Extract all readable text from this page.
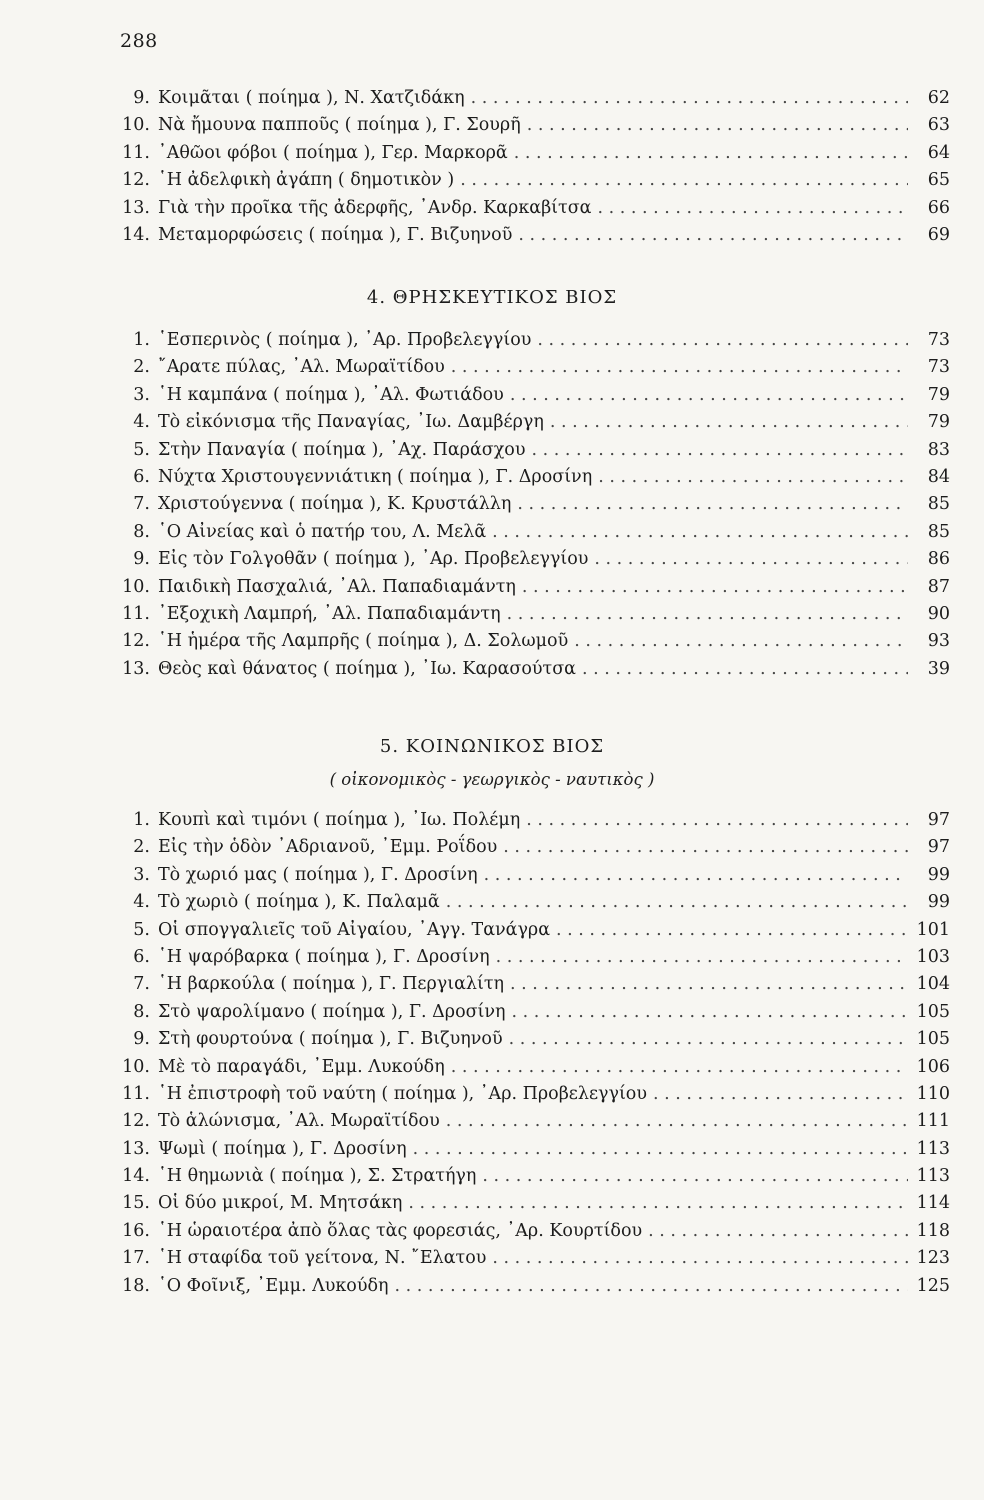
288
9. Κοιμᾶται ( ποίημα ), Ν. Χατζιδάκη . . .	62
10. Νὰ ἤμουνα παπποῦς ( ποίημα ), Γ. Σουρῆ . . .	63
11. ᾿Αθῶοι φόβοι ( ποίημα ), Γερ. Μαρκορᾶ . . .	64
12. ῾Η ἀδελφικὴ ἀγάπη ( δημοτικὸν ) . . .	65
13. Γιὰ τὴν προῖκα τῆς ἀδερφῆς, ᾿Ανδρ. Καρκαβίτσα . . .	66
14. Μεταμορφώσεις ( ποίημα ), Γ. Βιζυηνοῦ . . .	69
4. ΘΡΗΣΚΕΥΤΙΚΟΣ ΒΙΟΣ
1. ῾Εσπερινὸς ( ποίημα ), ᾿Αρ. Προβελεγγίου . . .	73
2. ῎Αρατε πύλας, ᾿Αλ. Μωραϊτίδου . . .	73
3. ῾Η καμπάνα ( ποίημα ), ᾿Αλ. Φωτιάδου . . .	79
4. Τὸ εἰκόνισμα τῆς Παναγίας, ᾿Ιω. Δαμβέργη . . .	79
5. Στὴν Παναγία ( ποίημα ), ᾿Αχ. Παράσχου . . .	83
6. Νύχτα Χριστουγεννιάτικη ( ποίημα ), Γ. Δροσίνη . . .	84
7. Χριστούγεννα ( ποίημα ), Κ. Κρυστάλλη . . .	85
8. ῾Ο Αἰνείας καὶ ὁ πατήρ του, Λ. Μελᾶ . . .	85
9. Εἰς τὸν Γολγοθᾶν ( ποίημα ), ᾿Αρ. Προβελεγγίου . . .	86
10. Παιδικὴ Πασχαλιά, ᾿Αλ. Παπαδιαμάντη . . .	87
11. ᾿Εξοχικὴ Λαμπρή, ᾿Αλ. Παπαδιαμάντη . . .	90
12. ῾Η ἡμέρα τῆς Λαμπρῆς ( ποίημα ), Δ. Σολωμοῦ . . .	93
13. Θεὸς καὶ θάνατος ( ποίημα ), ᾿Ιω. Καρασούτσα . . .	39
5. ΚΟΙΝΩΝΙΚΟΣ ΒΙΟΣ
( οἰκονομικὸς - γεωργικὸς - ναυτικὸς )
1. Κουπὶ καὶ τιμόνι ( ποίημα ), ᾿Ιω. Πολέμη . . .	97
2. Εἰς τὴν ὁδὸν ᾿Αδριανοῦ, ᾿Εμμ. Ροΐδου . . .	97
3. Τὸ χωριό μας ( ποίημα ), Γ. Δροσίνη . . .	99
4. Τὸ χωριὸ ( ποίημα ), Κ. Παλαμᾶ . . .	99
5. Οἱ σπογγαλιεῖς τοῦ Αἰγαίου, ᾿Αγγ. Τανάγρα . . .	101
6. ῾Η ψαρόβαρκα ( ποίημα ), Γ. Δροσίνη . . .	103
7. ῾Η βαρκούλα ( ποίημα ), Γ. Περγιαλίτη . . .	104
8. Στὸ ψαρολίμανο ( ποίημα ), Γ. Δροσίνη . . .	105
9. Στὴ φουρτούνα ( ποίημα ), Γ. Βιζυηνοῦ . . .	105
10. Μὲ τὸ παραγάδι, ᾿Εμμ. Λυκούδη . . .	106
11. ῾Η ἐπιστροφὴ τοῦ ναύτη ( ποίημα ), ᾿Αρ. Προβελεγγίου . . .	110
12. Τὸ ἁλώνισμα, ᾿Αλ. Μωραϊτίδου . . .	111
13. Ψωμὶ ( ποίημα ), Γ. Δροσίνη . . .	113
14. ῾Η θημωνιὰ ( ποίημα ), Σ. Στρατήγη . . .	113
15. Οἱ δύο μικροί, Μ. Μητσάκη . . .	114
16. ῾Η ὡραιοτέρα ἀπὸ ὅλας τὰς φορεσιάς, ᾿Αρ. Κουρτίδου . . .	118
17. ῾Η σταφίδα τοῦ γείτονα, Ν. ῎Ελατου . . .	123
18. ῾Ο Φοῖνιξ, ᾿Εμμ. Λυκούδη . . .	125
